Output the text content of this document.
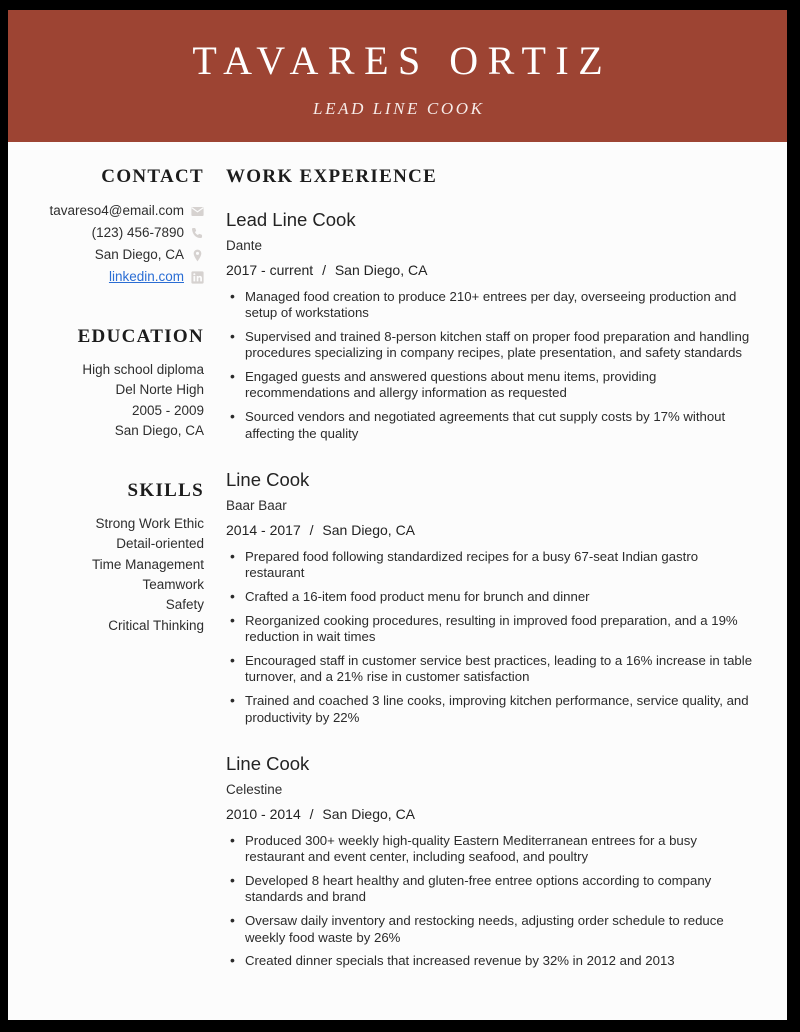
TAVARES ORTIZ
LEAD LINE COOK
CONTACT
tavareso4@email.com
(123) 456-7890
San Diego, CA
linkedin.com
EDUCATION
High school diploma
Del Norte High
2005 - 2009
San Diego, CA
SKILLS
Strong Work Ethic
Detail-oriented
Time Management
Teamwork
Safety
Critical Thinking
WORK EXPERIENCE
Lead Line Cook
Dante
2017 - current / San Diego, CA
• Managed food creation to produce 210+ entrees per day, overseeing production and setup of workstations
• Supervised and trained 8-person kitchen staff on proper food preparation and handling procedures specializing in company recipes, plate presentation, and safety standards
• Engaged guests and answered questions about menu items, providing recommendations and allergy information as requested
• Sourced vendors and negotiated agreements that cut supply costs by 17% without affecting the quality
Line Cook
Baar Baar
2014 - 2017 / San Diego, CA
• Prepared food following standardized recipes for a busy 67-seat Indian gastro restaurant
• Crafted a 16-item food product menu for brunch and dinner
• Reorganized cooking procedures, resulting in improved food preparation, and a 19% reduction in wait times
• Encouraged staff in customer service best practices, leading to a 16% increase in table turnover, and a 21% rise in customer satisfaction
• Trained and coached 3 line cooks, improving kitchen performance, service quality, and productivity by 22%
Line Cook
Celestine
2010 - 2014 / San Diego, CA
• Produced 300+ weekly high-quality Eastern Mediterranean entrees for a busy restaurant and event center, including seafood, and poultry
• Developed 8 heart healthy and gluten-free entree options according to company standards and brand
• Oversaw daily inventory and restocking needs, adjusting order schedule to reduce weekly food waste by 26%
• Created dinner specials that increased revenue by 32% in 2012 and 2013
